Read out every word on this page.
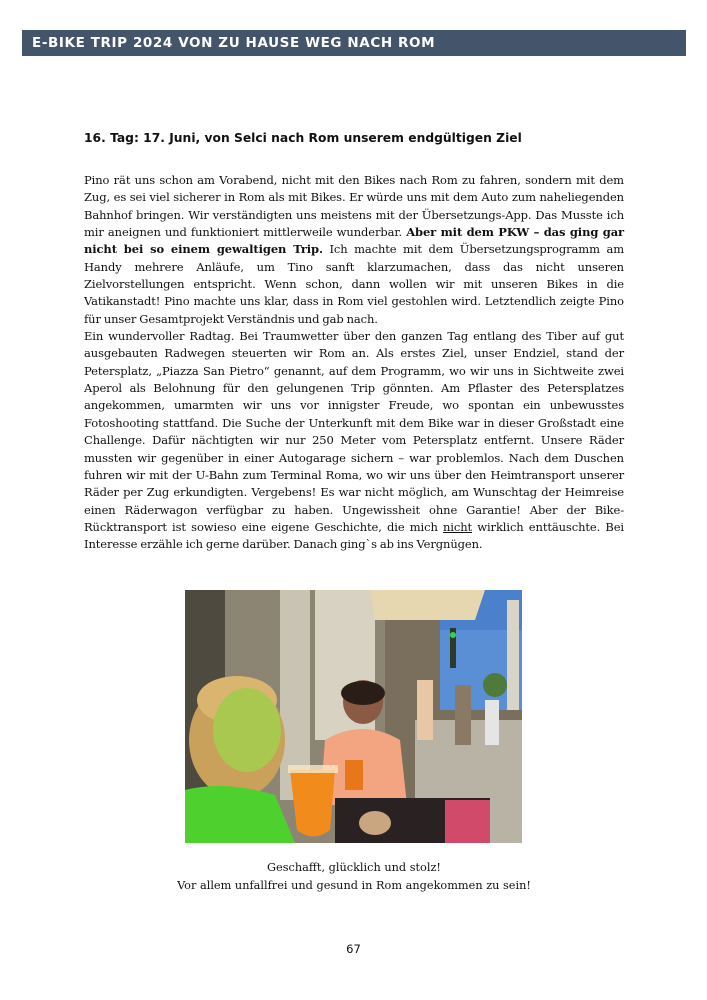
E-BIKE TRIP 2024 VON ZU HAUSE WEG NACH ROM
16. Tag: 17. Juni, von Selci nach Rom unserem endgültigen Ziel

Pino rät uns schon am Vorabend, nicht mit den Bikes nach Rom zu fahren, sondern mit dem Zug, es sei viel sicherer in Rom als mit Bikes. Er würde uns mit dem Auto zum naheliegenden Bahnhof bringen. Wir verständigten uns meistens mit der Übersetzungs-App. Das Musste ich mir aneignen und funktioniert mittlerweile wunderbar. Aber mit dem PKW – das ging gar nicht bei so einem gewaltigen Trip. Ich machte mit dem Übersetzungsprogramm am Handy mehrere Anläufe, um Tino sanft klarzumachen, dass das nicht unseren Zielvorstellungen entspricht. Wenn schon, dann wollen wir mit unseren Bikes in die Vatikanstadt! Pino machte uns klar, dass in Rom viel gestohlen wird. Letztendlich zeigte Pino für unser Gesamtprojekt Verständnis und gab nach.

Ein wundervoller Radtag. Bei Traumwetter über den ganzen Tag entlang des Tiber auf gut ausgebauten Radwegen steuerten wir Rom an. Als erstes Ziel, unser Endziel, stand der Petersplatz, „Piazza San Pietro“ genannt, auf dem Programm, wo wir uns in Sichtweite zwei Aperol als Belohnung für den gelungenen Trip gönnten. Am Pflaster des Petersplatzes angekommen, umarmten wir uns vor innigster Freude, wo spontan ein unbewusstes Fotoshooting stattfand. Die Suche der Unterkunft mit dem Bike war in dieser Großstadt eine Challenge. Dafür nächtigten wir nur 250 Meter vom Petersplatz entfernt. Unsere Räder mussten wir gegenüber in einer Autogarage sichern – war problemlos. Nach dem Duschen fuhren wir mit der U-Bahn zum Terminal Roma, wo wir uns über den Heimtransport unserer Räder per Zug erkundigten. Vergebens! Es war nicht möglich, am Wunschtag der Heimreise einen Räderwagon verfügbar zu haben. Ungewissheit ohne Garantie! Aber der Bike-Rücktransport ist sowieso eine eigene Geschichte, die mich nicht wirklich enttäuschte. Bei Interesse erzähle ich gerne darüber. Danach ging`s ab ins Vergnügen.

Geschafft, glücklich und stolz!
Vor allem unfallfrei und gesund in Rom angekommen zu sein!
67
